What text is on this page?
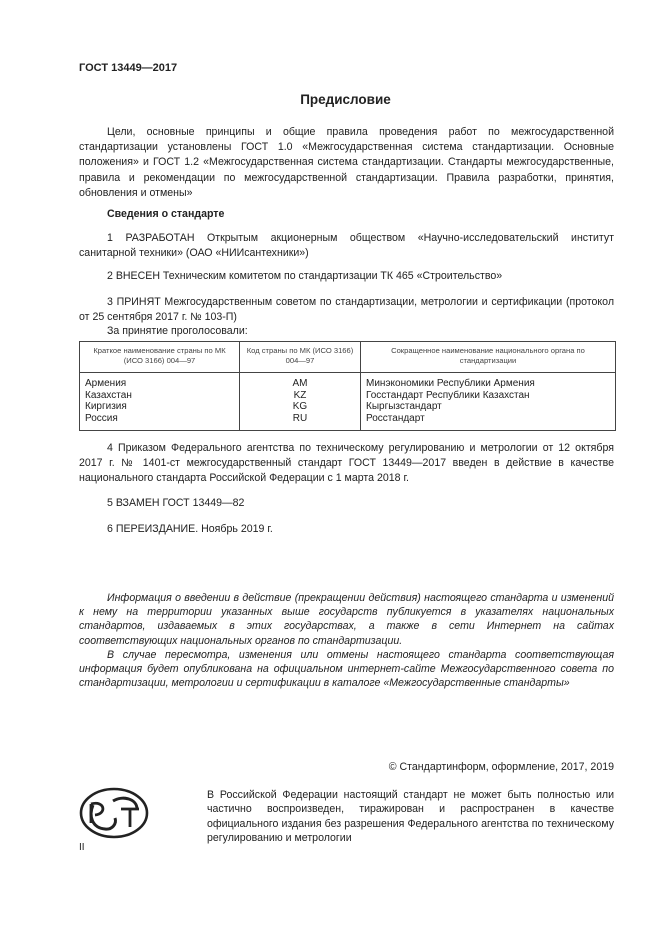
ГОСТ 13449—2017
Предисловие
Цели, основные принципы и общие правила проведения работ по межгосударственной стандартизации установлены ГОСТ 1.0 «Межгосударственная система стандартизации. Основные положения» и ГОСТ 1.2 «Межгосударственная система стандартизации. Стандарты межгосударственные, правила и рекомендации по межгосударственной стандартизации. Правила разработки, принятия, обновления и отмены»
Сведения о стандарте
1 РАЗРАБОТАН Открытым акционерным обществом «Научно-исследовательский институт санитарной техники» (ОАО «НИИсантехники»)
2 ВНЕСЕН Техническим комитетом по стандартизации ТК 465 «Строительство»
3 ПРИНЯТ Межгосударственным советом по стандартизации, метрологии и сертификации (протокол от 25 сентября 2017 г. № 103-П)
За принятие проголосовали:
Краткое наименование страны по МК (ИСО 3166) 004—97	Код страны по МК (ИСО 3166) 004—97	Сокращенное наименование национального органа по стандартизации
Армения	AM	Минэкономики Республики Армения
Казахстан	KZ	Госстандарт Республики Казахстан
Киргизия	KG	Кыргызстандарт
Россия	RU	Росстандарт
4 Приказом Федерального агентства по техническому регулированию и метрологии от 12 октября 2017 г. № 1401-ст межгосударственный стандарт ГОСТ 13449—2017 введен в действие в качестве национального стандарта Российской Федерации с 1 марта 2018 г.
5 ВЗАМЕН ГОСТ 13449—82
6 ПЕРЕИЗДАНИЕ. Ноябрь 2019 г.
Информация о введении в действие (прекращении действия) настоящего стандарта и изменений к нему на территории указанных выше государств публикуется в указателях национальных стандартов, издаваемых в этих государствах, а также в сети Интернет на сайтах соответствующих национальных органов по стандартизации.
В случае пересмотра, изменения или отмены настоящего стандарта соответствующая информация будет опубликована на официальном интернет-сайте Межгосударственного совета по стандартизации, метрологии и сертификации в каталоге «Межгосударственные стандарты»
© Стандартинформ, оформление, 2017, 2019
В Российской Федерации настоящий стандарт не может быть полностью или частично воспроизведен, тиражирован и распространен в качестве официального издания без разрешения Федерального агентства по техническому регулированию и метрологии
II
